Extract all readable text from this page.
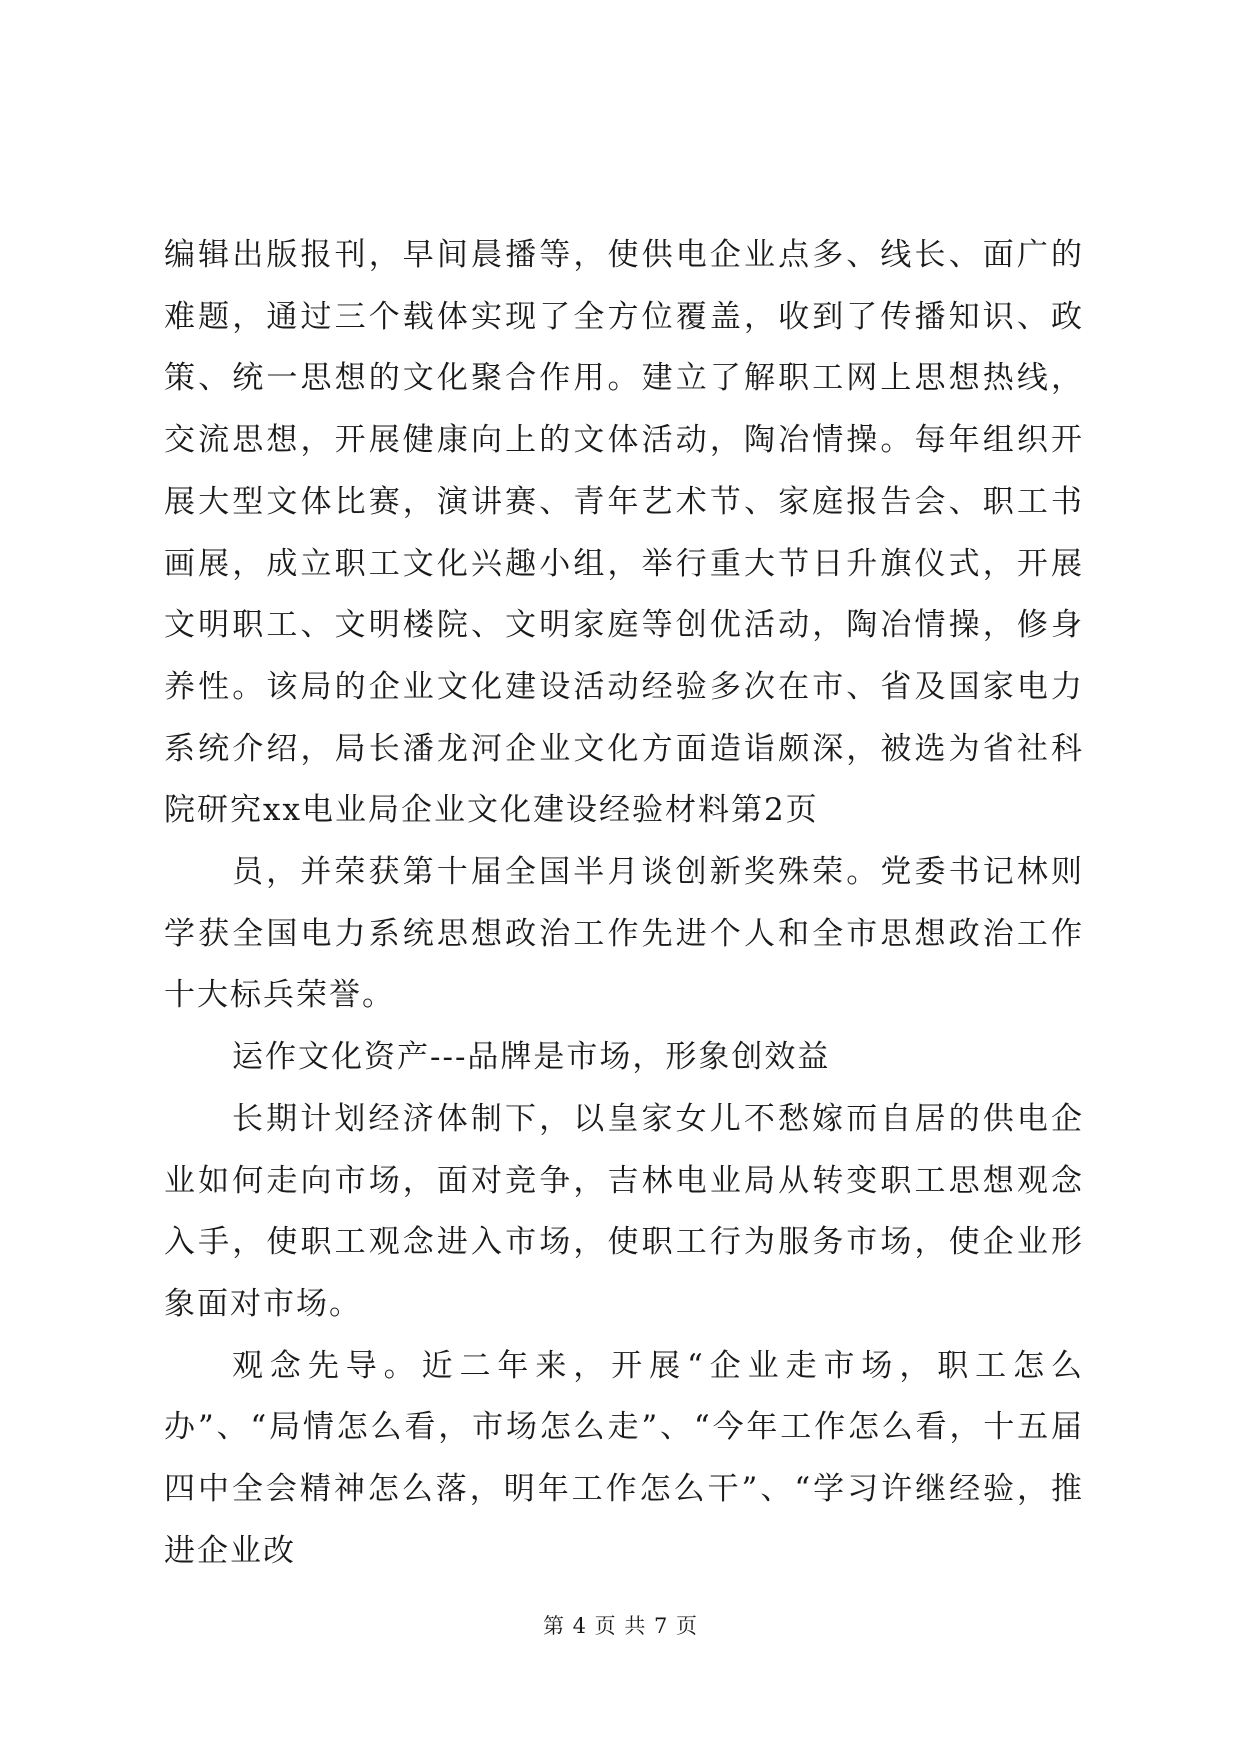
编辑出版报刊，早间晨播等，使供电企业点多、线长、面广的难题，通过三个载体实现了全方位覆盖，收到了传播知识、政策、统一思想的文化聚合作用。建立了解职工网上思想热线，交流思想，开展健康向上的文体活动，陶冶情操。每年组织开展大型文体比赛，演讲赛、青年艺术节、家庭报告会、职工书画展，成立职工文化兴趣小组，举行重大节日升旗仪式，开展文明职工、文明楼院、文明家庭等创优活动，陶冶情操，修身养性。该局的企业文化建设活动经验多次在市、省及国家电力系统介绍，局长潘龙河企业文化方面造诣颇深，被选为省社科院研究xx电业局企业文化建设经验材料第2页

员，并荣获第十届全国半月谈创新奖殊荣。党委书记林则学获全国电力系统思想政治工作先进个人和全市思想政治工作十大标兵荣誉。

运作文化资产---品牌是市场，形象创效益

长期计划经济体制下，以皇家女儿不愁嫁而自居的供电企业如何走向市场，面对竞争，吉林电业局从转变职工思想观念入手，使职工观念进入市场，使职工行为服务市场，使企业形象面对市场。

观念先导。近二年来，开展“企业走市场，职工怎么办”、“局情怎么看，市场怎么走”、“今年工作怎么看，十五届四中全会精神怎么落，明年工作怎么干”、“学习许继经验，推进企业改

第 4 页 共 7 页
